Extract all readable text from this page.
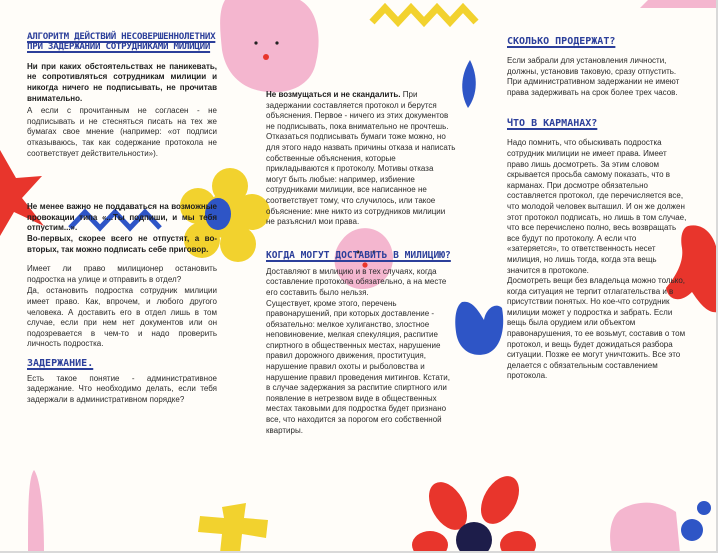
АЛГОРИТМ ДЕЙСТВИЙ НЕСОВЕРШЕННОЛЕТНИХ ПРИ ЗАДЕРЖАНИИ СОТРУДНИКАМИ МИЛИЦИИ

Ни при каких обстоятельствах не паникевать, не сопротивляться сотрудникам милиции и никогда ничего не подписывать, не прочитав внимательно.

А если с прочитанным не согласен - не подписывать и не стесняться писать на тех же бумагах свое мнение (например: «от подписи отказываюсь, так как содержание протокола не соответствует действительности»).

Не менее важно не поддаваться на возможные провокации типа «...Ты подпиши, и мы тебя отпустим...».

Во-первых, скорее всего не отпустят, а во-вторых, так можно подписать себе приговор.

Имеет ли право милиционер остановить подростка на улице и отправить в отдел?

Да, остановить подростка сотрудник милиции имеет право. Как, впрочем, и любого другого человека. А доставить его в отдел лишь в том случае, если при нем нет документов или он подозревается в чем-то и надо проверить личность подростка.

ЗАДЕРЖАНИЕ.

Есть такое понятие - административное задержание. Что необходимо делать, если тебя задержали в административном порядке?

Не возмущаться и не скандалить. При задержании составляется протокол и берутся объяснения. Первое - ничего из этих документов не подписывать, пока внимательно не прочтешь. Отказаться подписывать бумаги тоже можно, но для этого надо назвать причины отказа и написать собственные объяснения, которые прикладываются к протоколу. Мотивы отказа могут быть любые: например, избиение сотрудниками милиции, все написанное не соответствует тому, что случилось, или такое объяснение: мне никто из сотрудников милиции не разъяснил мои права.

КОГДА МОГУТ ДОСТАВИТЬ В МИЛИЦИЮ?

Доставляют в милицию и в тех случаях, когда составление протокола обязательно, а на месте его составить было нельзя.

Существует, кроме этого, перечень правонарушений, при которых доставление - обязательно: мелкое хулиганство, злостное неповиновение, мелкая спекуляция, распитие спиртного в общественных местах, нарушение правил дорожного движения, проституция, нарушение правил охоты и рыболовства и нарушение правил проведения митингов. Кстати, в случае задержания за распитие спиртного или появление в нетрезвом виде в общественных местах таковыми для подростка будет признано все, что находится за порогом его собственной квартиры.

СКОЛЬКО ПРОДЕРЖАТ?

Если забрали для установления личности, должны, установив таковую, сразу отпустить. При административном задержании не имеют права задерживать на срок более трех часов.

ЧТО В КАРМАНАХ?

Надо помнить, что обыскивать подростка сотрудник милиции не имеет права. Имеет право лишь досмотреть. За этим словом скрывается просьба самому показать, что в карманах. При досмотре обязательно составляется протокол, где перечисляется все, что молодой человек выташил. И он же должен этот протокол подписать, но лишь в том случае, что все перечислено полно, весь возвращать все будут по протоколу. А если что «затеряется», то ответственность несет милиция, но лишь тогда, когда эта вещь значится в протоколе.

Досмотреть вещи без владельца можно только, когда ситуация не терпит отлагательства и в присутствии понятых. Но кое-что сотрудник милиции может у подростка и забрать. Если вещь была орудием или объектом правонарушения, то ее возьмут, составив о том протокол, и вещь будет дожидаться разбора ситуации. Позже ее могут уничтожить. Все это делается с обязательным составлением протокола.
